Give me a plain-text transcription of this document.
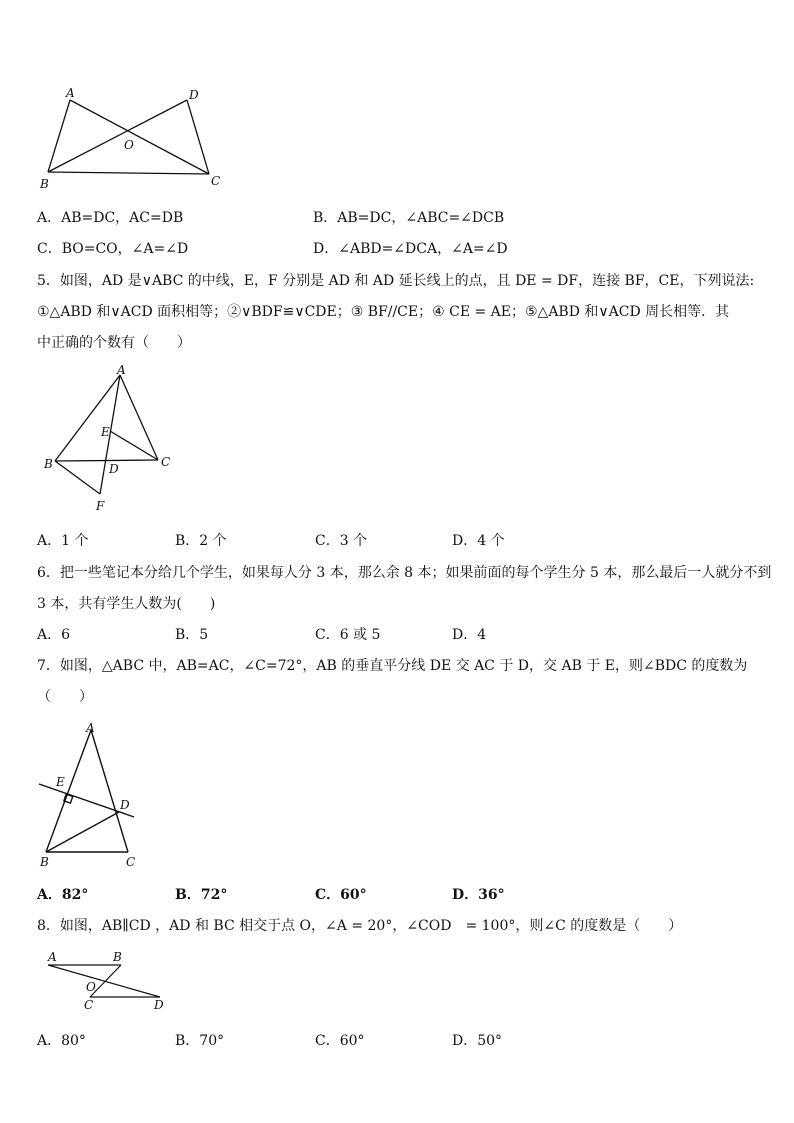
A	D
O
B	C
A．AB=DC，AC=DB	B．AB=DC，∠ABC=∠DCB
C．BO=CO，∠A=∠D	D．∠ABD=∠DCA，∠A=∠D
5．如图，AD 是∨ABC 的中线，E，F 分别是 AD 和 AD 延长线上的点，且 DE = DF，连接 BF，CE，下列说法:
①△ABD 和∨ACD 面积相等；②∨BDF≌∨CDE；③ BF//CE；④ CE = AE；⑤△ABD 和∨ACD 周长相等．其
中正确的个数有（　　）
A
E
B	D	C
F
A．1 个	B．2 个	C．3 个	D．4 个
6．把一些笔记本分给几个学生，如果每人分 3 本，那么余 8 本；如果前面的每个学生分 5 本，那么最后一人就分不到
3 本，共有学生人数为(　　)
A．6	B．5	C．6 或 5	D．4
7．如图，△ABC 中，AB=AC，∠C=72°，AB 的垂直平分线 DE 交 AC 于 D，交 AB 于 E，则∠BDC 的度数为
（　　）
A
E
D
B	C
A．82°	B．72°	C．60°	D．36°
8．如图，AB∥CD ，AD 和 BC 相交于点 O，∠A = 20°，∠COD　= 100°，则∠C 的度数是（　　）
A	B
O
C	D
A．80°	B．70°	C．60°	D．50°
